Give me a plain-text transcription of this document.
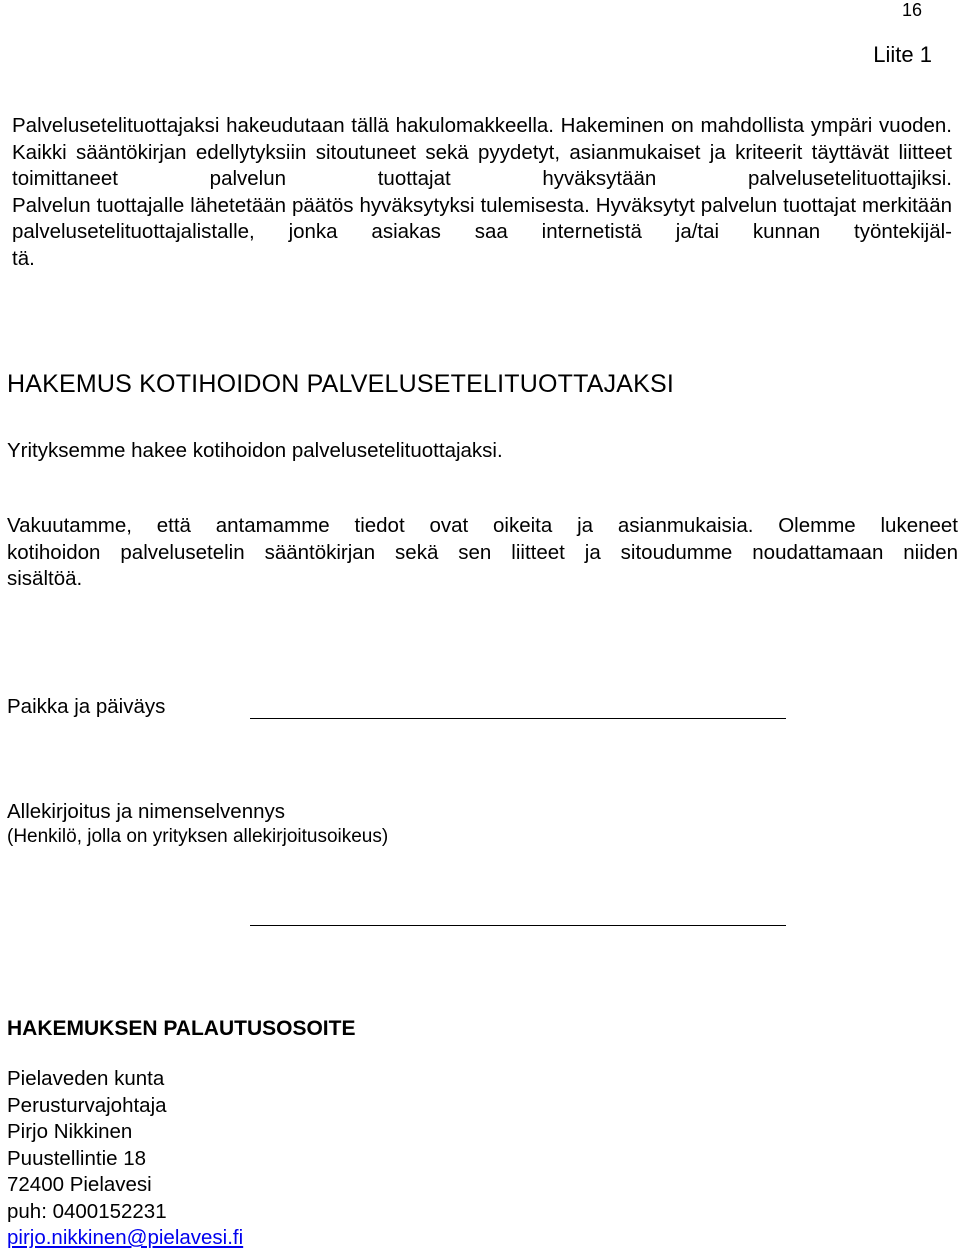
16
Liite 1
Palvelusetelituottajaksi hakeudutaan tällä hakulomakkeella. Hakeminen on mahdollista ympäri vuoden. Kaikki sääntökirjan edellytyksiin sitoutuneet sekä pyydetyt, asianmukaiset ja kriteerit täyttävät liitteet toimittaneet palvelun tuottajat hyväksytään palvelusetelituottajiksi.
Palvelun tuottajalle lähetetään päätös hyväksytyksi tulemisesta. Hyväksytyt palvelun tuottajat merkitään palvelusetelituottajalistalle, jonka asiakas saa internetistä ja/tai kunnan työntekijäl-
tä.
HAKEMUS KOTIHOIDON PALVELUSETELITUOTTAJAKSI
Yrityksemme hakee kotihoidon palvelusetelituottajaksi.
Vakuutamme, että antamamme tiedot ovat oikeita ja asianmukaisia. Olemme lukeneet
kotihoidon palvelusetelin sääntökirjan sekä sen liitteet ja sitoudumme noudattamaan niiden
sisältöä.
Paikka ja päiväys
Allekirjoitus ja nimenselvennys
(Henkilö, jolla on yrityksen allekirjoitusoikeus)
HAKEMUKSEN PALAUTUSOSOITE
Pielaveden kunta
Perusturvajohtaja
Pirjo Nikkinen
Puustellintie 18
72400 Pielavesi
puh: 0400152231
pirjo.nikkinen@pielavesi.fi
